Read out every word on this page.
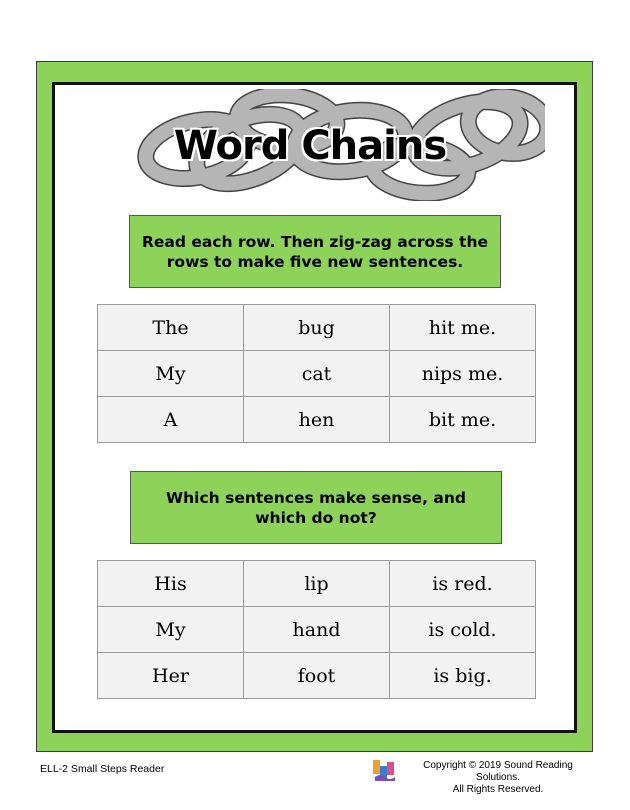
Word Chains
Read each row. Then zig-zag across the rows to make five new sentences.
The	bug	hit me.
My	cat	nips me.
A	hen	bit me.
Which sentences make sense, and which do not?
His	lip	is red.
My	hand	is cold.
Her	foot	is big.
ELL-2 Small Steps Reader	Copyright © 2019 Sound Reading Solutions.
All Rights Reserved.
